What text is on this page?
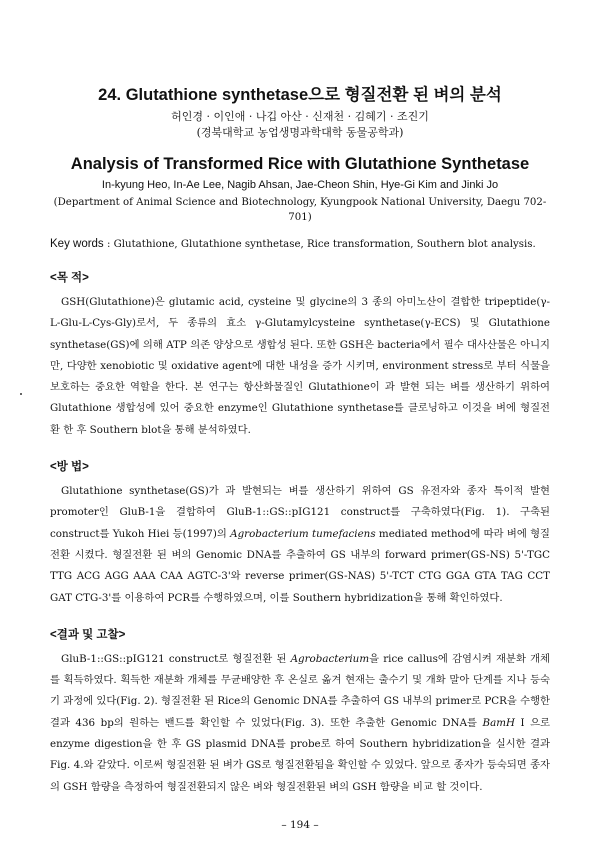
24. Glutathione synthetase으로 형질전환 된 벼의 분석

허인경 · 이인애 · 나깁 아산 · 신재천 · 김혜기 · 조진기

(경북대학교 농업생명과학대학 동물공학과)

Analysis of Transformed Rice with Glutathione Synthetase

In-kyung Heo, In-Ae Lee, Nagib Ahsan, Jae-Cheon Shin, Hye-Gi Kim and Jinki Jo

(Department of Animal Science and Biotechnology, Kyungpook National University, Daegu 702-701)

Key words : Glutathione, Glutathione synthetase, Rice transformation, Southern blot analysis.

<목 적>

GSH(Glutathione)은 glutamic acid, cysteine 및 glycine의 3 종의 아미노산이 결합한 tripeptide(γ-L-Glu-L-Cys-Gly)로서, 두 종류의 효소 γ-Glutamylcysteine synthetase(γ-ECS) 및 Glutathione synthetase(GS)에 의해 ATP 의존 양상으로 생합성 된다. 또한 GSH은 bacteria에서 필수 대사산물은 아니지만, 다양한 xenobiotic 및 oxidative agent에 대한 내성을 증가 시키며, environment stress로 부터 식물을 보호하는 중요한 역할을 한다. 본 연구는 항산화물질인 Glutathione이 과 발현 되는 벼를 생산하기 위하여 Glutathione 생합성에 있어 중요한 enzyme인 Glutathione synthetase를 클로닝하고 이것을 벼에 형질전환 한 후 Southern blot을 통해 분석하였다.

<방 법>

Glutathione synthetase(GS)가 과 발현되는 벼를 생산하기 위하여 GS 유전자와 종자 특이적 발현 promoter인 GluB-1을 결합하여 GluB-1::GS::pIG121 construct를 구축하였다(Fig. 1). 구축된 construct를 Yukoh Hiei 등(1997)의 Agrobacterium tumefaciens mediated method에 따라 벼에 형질전환 시켰다. 형질전환 된 벼의 Genomic DNA를 추출하여 GS 내부의 forward primer(GS-NS) 5'-TGC TTG ACG AGG AAA CAA AGTC-3'와 reverse primer(GS-NAS) 5'-TCT CTG GGA GTA TAG CCT GAT CTG-3'를 이용하여 PCR를 수행하였으며, 이를 Southern hybridization을 통해 확인하였다.

<결과 및 고찰>

GluB-1::GS::pIG121 construct로 형질전환 된 Agrobacterium을 rice callus에 감염시켜 재분화 개체를 획득하였다. 획득한 재분화 개체를 무균배양한 후 온실로 옮겨 현재는 출수기 및 개화 말아 단계를 지나 등숙기 과정에 있다(Fig. 2). 형질전환 된 Rice의 Genomic DNA를 추출하여 GS 내부의 primer로 PCR을 수행한 결과 436 bp의 원하는 밴드를 확인할 수 있었다(Fig. 3). 또한 추출한 Genomic DNA를 BamH I 으로 enzyme digestion을 한 후 GS plasmid DNA를 probe로 하여 Southern hybridization을 실시한 결과 Fig. 4.와 같았다. 이로써 형질전환 된 벼가 GS로 형질전환됨을 확인할 수 있었다. 앞으로 종자가 등숙되면 종자의 GSH 함량을 측정하여 형질전환되지 않은 벼와 형질전환된 벼의 GSH 함량을 비교 할 것이다.

– 194 –
